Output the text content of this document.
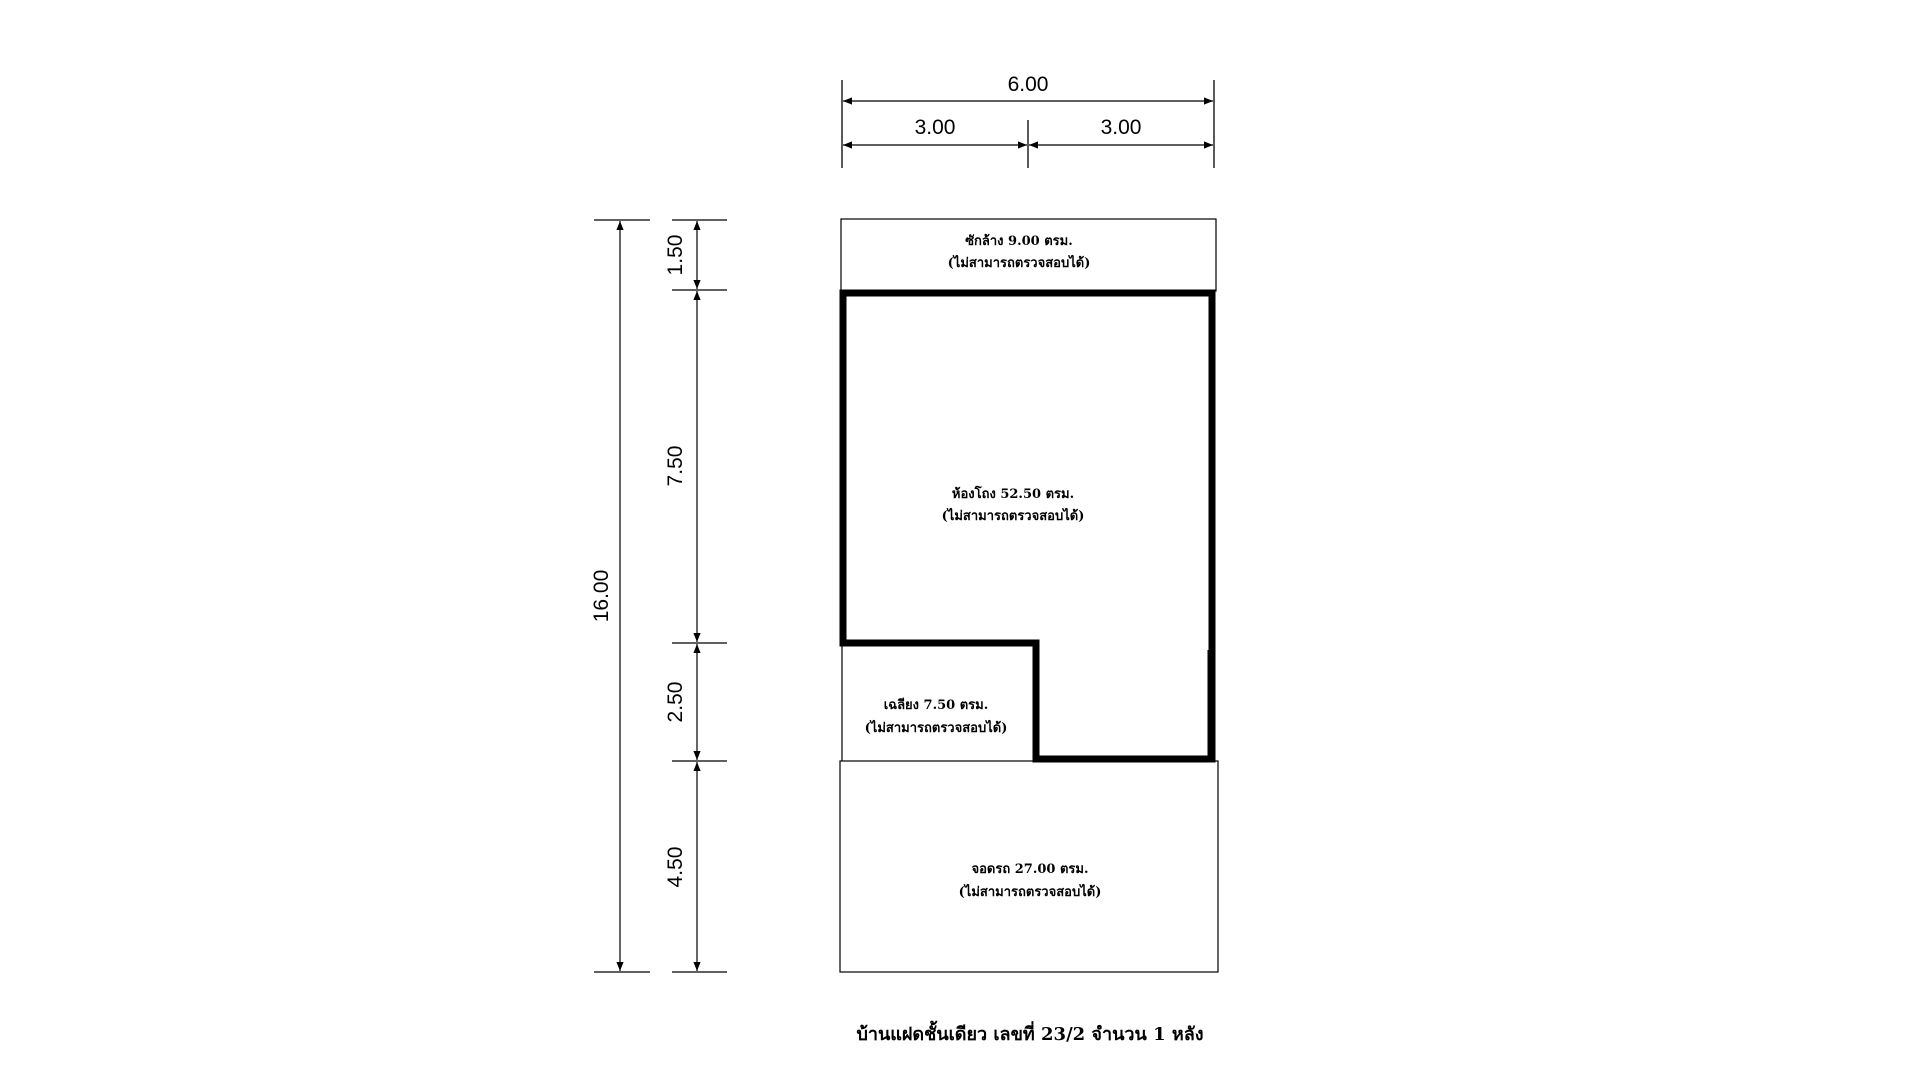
6.00
3.00	3.00
16.00
1.50
7.50
2.50
4.50
ซักล้าง 9.00 ตรม.
(ไม่สามารถตรวจสอบได้)
ห้องโถง 52.50 ตรม.
(ไม่สามารถตรวจสอบได้)
เฉลียง 7.50 ตรม.
(ไม่สามารถตรวจสอบได้)
จอดรถ 27.00 ตรม.
(ไม่สามารถตรวจสอบได้)
บ้านแฝดชั้นเดียว เลขที่ 23/2 จำนวน 1 หลัง
